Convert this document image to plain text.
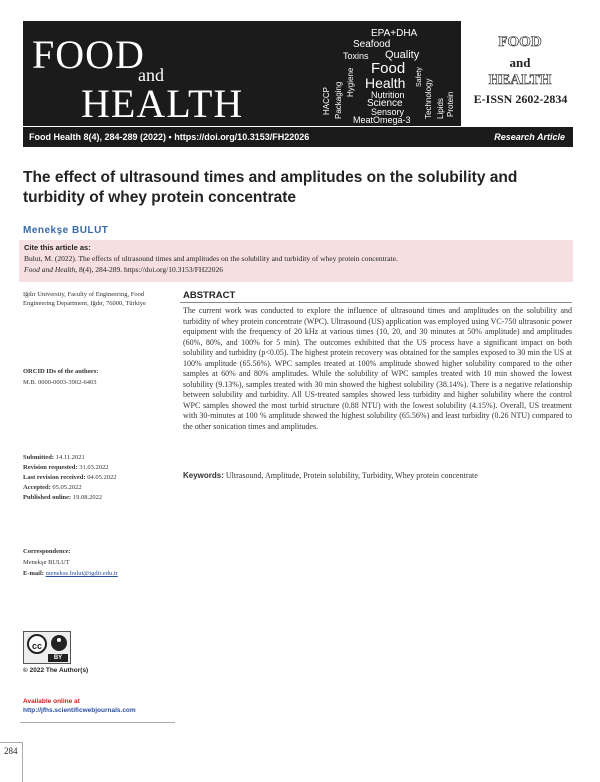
FOOD
and
HEALTH
EPA+DHA
Seafood
Toxins Quality
Food
Health
Nutrition
Science
Sensory
MeatOmega-3
HACCP Packaging Hygiene	Technology Lipids Protein
Safety
FOOD
and
HEALTH
E-ISSN 2602-2834
Food Health 8(4), 284-289 (2022) • https://doi.org/10.3153/FH22026	Research Article
The effect of ultrasound times and amplitudes on the solubility and turbidity of whey protein concentrate
Menekşe BULUT
Cite this article as:
Bulut, M. (2022). The effects of ultrasound times and amplitudes on the solubility and turbidity of whey protein concentrate.
Food and Health, 8(4), 284-289. https://doi.org/10.3153/FH22026
Iğdır University, Faculty of Engineering, Food Engineering Department, Iğdır, 76000, Türkiye
ORCID IDs of the authors:
M.B. 0000-0003-3902-6403
Submitted: 14.11.2021
Revision requested: 31.03.2022
Last revision received: 04.05.2022
Accepted: 05.05.2022
Published online: 19.08.2022
Correspondence:
Menekşe BULUT
E-mail: menekse.bulut@igdir.edu.tr
cc
BY
© 2022 The Author(s)
Available online at
http://jfhs.scientificwebjournals.com
284
ABSTRACT

The current work was conducted to explore the influence of ultrasound times and amplitudes on the solubility and turbidity of whey protein concentrate (WPC). Ultrasound (US) application was employed using VC-750 ultrasonic power equipment with the frequency of 20 kHz at various times (10, 20, and 30 minutes at 50% amplitude) and amplitudes (60%, 80%, and 100% for 5 min). The outcomes exhibited that the US process have a significant impact on both solubility and turbidity (p<0.05). The highest protein recovery was obtained for the samples exposed to 30 min the US at 100% amplitude (65.56%). WPC samples treated at 100% amplitude showed higher solubility compared to the other samples at 60% and 80% amplitudes. While the solubility of WPC samples treated with 10 min showed the lowest solubility (9.13%), samples treated with 30 min showed the highest solubility (38.14%). There is a negative relationship between solubility and turbidity. All US-treated samples showed less turbidity and higher solubility where the control WPC samples showed the most turbid structure (0.88 NTU) with the lowest solubility (4.15%). Overall, US treatment with 30-minutes at 100 % amplitude showed the highest solubility (65.56%) and least turbidity (0.26 NTU) compared to the other sonication times and amplitudes.

Keywords: Ultrasound, Amplitude, Protein solubility, Turbidity, Whey protein concentrate
